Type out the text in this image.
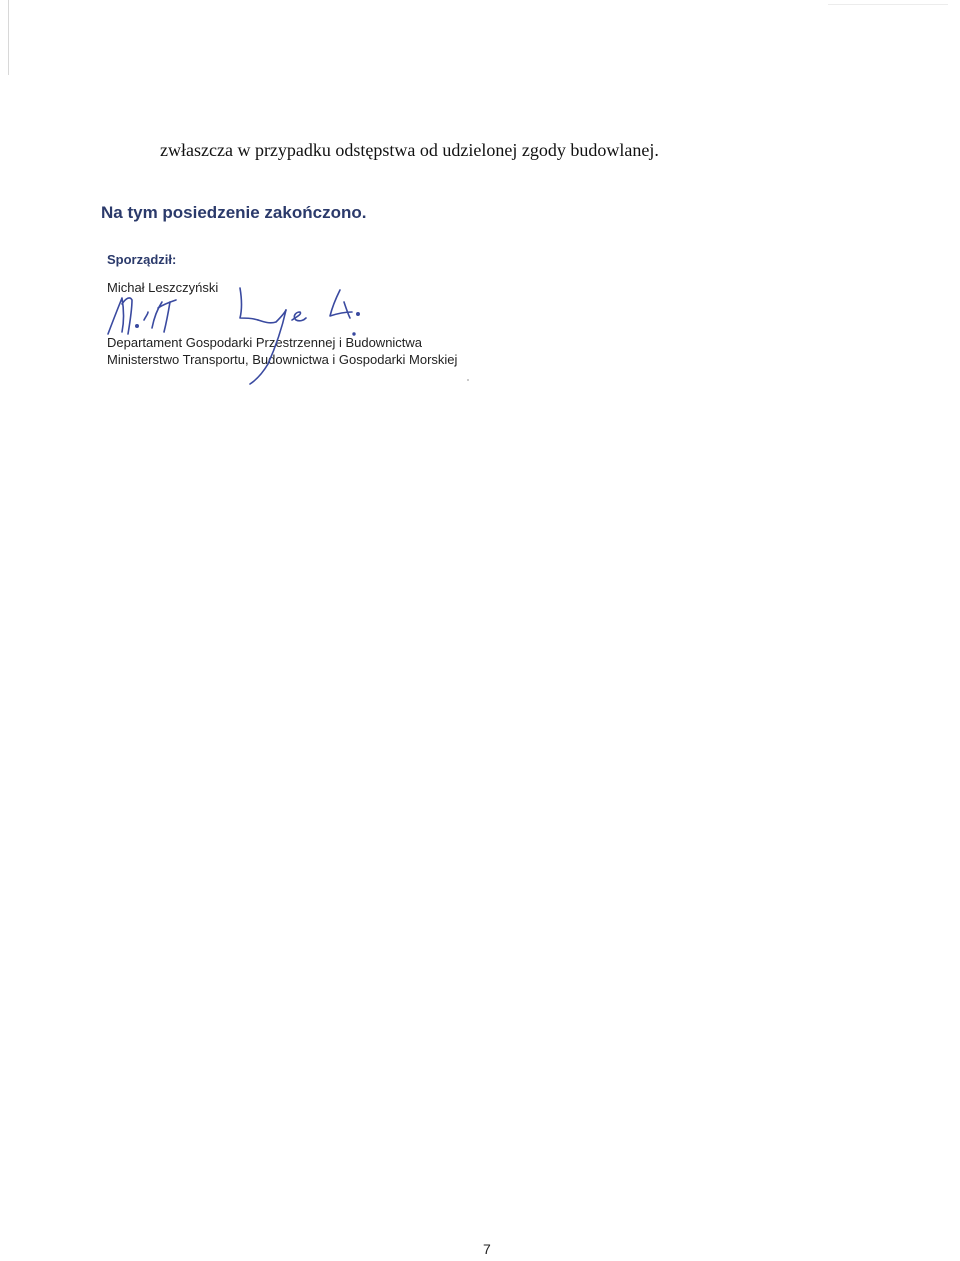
zwłaszcza w przypadku odstępstwa od udzielonej zgody budowlanej.
Na tym posiedzenie zakończono.
Sporządził:
Michał Leszczyński
Departament Gospodarki Przestrzennej i Budownictwa
Ministerstwo Transportu, Budownictwa i Gospodarki Morskiej
7
